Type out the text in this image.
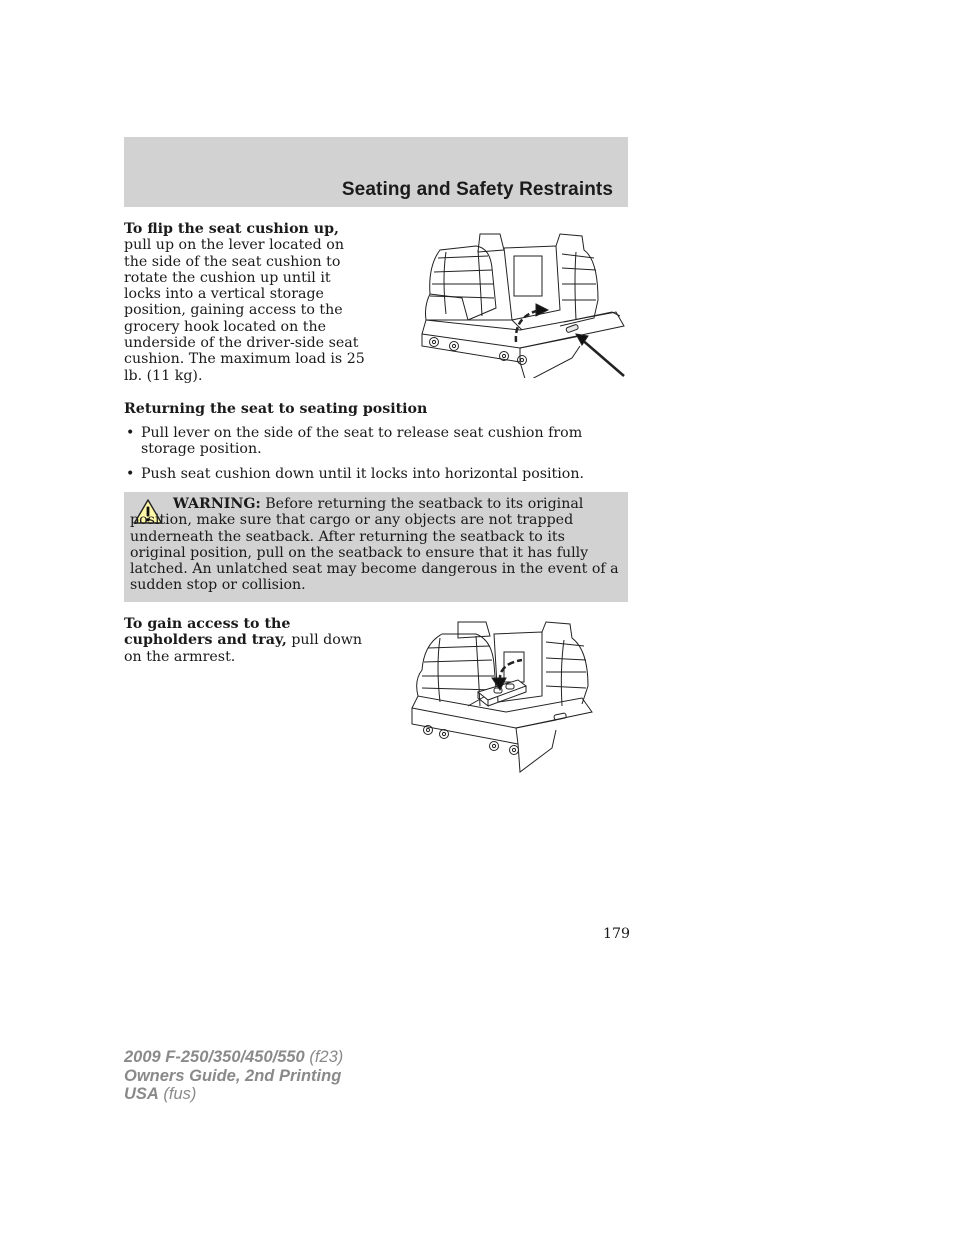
Seating and Safety Restraints
To flip the seat cushion up, pull up on the lever located on the side of the seat cushion to rotate the cushion up until it locks into a vertical storage position, gaining access to the grocery hook located on the underside of the driver-side seat cushion. The maximum load is 25 lb. (11 kg).
Returning the seat to seating position
• Pull lever on the side of the seat to release seat cushion from storage position.
• Push seat cushion down until it locks into horizontal position.
WARNING: Before returning the seatback to its original position, make sure that cargo or any objects are not trapped underneath the seatback. After returning the seatback to its original position, pull on the seatback to ensure that it has fully latched. An unlatched seat may become dangerous in the event of a sudden stop or collision.
To gain access to the cupholders and tray, pull down on the armrest.
179
2009 F-250/350/450/550 (f23)
Owners Guide, 2nd Printing
USA (fus)
